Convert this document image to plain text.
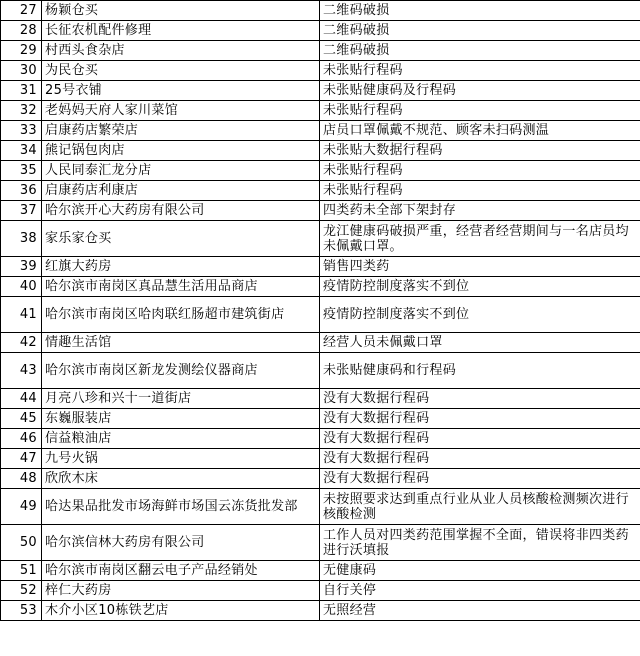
27	杨颖仓买	二维码破损
28	长征农机配件修理	二维码破损
29	村西头食杂店	二维码破损
30	为民仓买	未张贴行程码
31	25号衣铺	未张贴健康码及行程码
32	老妈妈天府人家川菜馆	未张贴行程码
33	启康药店繁荣店	店员口罩佩戴不规范、顾客未扫码测温
34	熊记锅包肉店	未张贴大数据行程码
35	人民同泰汇龙分店	未张贴行程码
36	启康药店利康店	未张贴行程码
37	哈尔滨开心大药房有限公司	四类药未全部下架封存
38	家乐家仓买	龙江健康码破损严重，经营者经营期间与一名店员均未佩戴口罩。
39	红旗大药房	销售四类药
40	哈尔滨市南岗区真品慧生活用品商店	疫情防控制度落实不到位
41	哈尔滨市南岗区哈肉联红肠超市建筑街店	疫情防控制度落实不到位
42	情趣生活馆	经营人员未佩戴口罩
43	哈尔滨市南岗区新龙发测绘仪器商店	未张贴健康码和行程码
44	月亮八珍和兴十一道街店	没有大数据行程码
45	东巍服装店	没有大数据行程码
46	信益粮油店	没有大数据行程码
47	九号火锅	没有大数据行程码
48	欣欣木床	没有大数据行程码
49	哈达果品批发市场海鲜市场国云冻货批发部	未按照要求达到重点行业从业人员核酸检测频次进行核酸检测
50	哈尔滨信林大药房有限公司	工作人员对四类药范围掌握不全面，错误将非四类药进行沃填报
51	哈尔滨市南岗区翻云电子产品经销处	无健康码
52	梓仁大药房	自行关停
53	木介小区10栋铁艺店	无照经营
